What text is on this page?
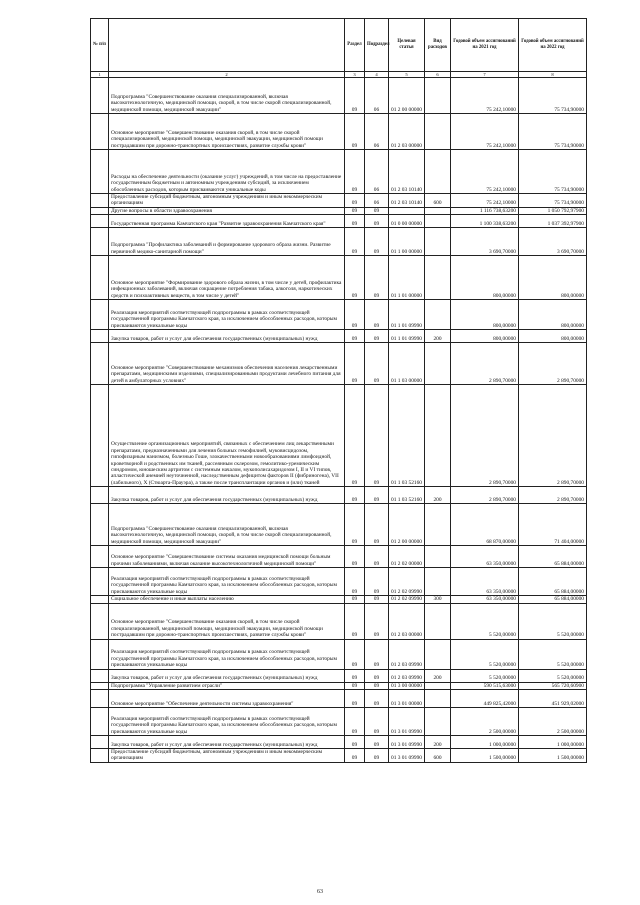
№ п/п		Раздел	Подраздел	Целевая статья	Вид расходов	Годовой объем ассигнований на 2021 год	Годовой объем ассигнований на 2022 год
1	2	3	4	5	6	7	8
	Подпрограмма "Совершенствование оказания специализированной, включая высокотехнологичную, медицинской помощи, скорой, в том числе скорой специализированной, медицинской помощи, медицинской эвакуации"	09	06	01 2 00 00000		75 242,10000	75 734,90000
	Основное мероприятие "Совершенствование оказания скорой, в том числе скорой специализированной, медицинской помощи, медицинской эвакуации, медицинской помощи пострадавшим при дорожно-транспортных происшествиях, развитие службы крови"	09	06	01 2 03 00000		75 242,10000	75 734,90000
	Расходы на обеспечение деятельности (оказание услуг) учреждений, в том числе на предоставление государственным бюджетным и автономным учреждениям субсидий, за исключением обособленных расходов, которым присваиваются уникальные коды	09	06	01 2 03 10140		75 242,10000	75 734,90000
	Предоставление субсидий бюджетным, автономным учреждениям и иным некоммерческим организациям	09	06	01 2 03 10140	600	75 242,10000	75 734,90000
	Другие вопросы в области здравоохранения	09	09			1 116 738,63200	1 050 792,97900
	Государственная программа Камчатского края "Развитие здравоохранения Камчатского края"	09	09	01 0 00 00000		1 100 338,63200	1 037 392,97900
	Подпрограмма "Профилактика заболеваний и формирование здорового образа жизни. Развитие первичной медико-санитарной помощи"	09	09	01 1 00 00000		3 690,70000	3 690,70000
	Основное мероприятие "Формирование здорового образа жизни, в том числе у детей, профилактика инфекционных заболеваний, включая сокращение потребления табака, алкоголя, наркотических средств и психоактивных веществ, в том числе у детей"	09	09	01 1 01 00000		800,00000	800,00000
	Реализация мероприятий соответствующей подпрограммы в рамках соответствующей государственной программы Камчатского края, за исключением обособленных расходов, которым присваиваются уникальные коды	09	09	01 1 01 09990		800,00000	800,00000
	Закупка товаров, работ и услуг для обеспечения государственных (муниципальных) нужд	09	09	01 1 01 09990	200	800,00000	800,00000
	Основное мероприятие "Совершенствование механизмов обеспечения населения лекарственными препаратами, медицинскими изделиями, специализированными продуктами лечебного питания для детей в амбулаторных условиях"	09	09	01 1 03 00000		2 890,70000	2 890,70000
	Осуществление организационных мероприятий, связанных с обеспечением лиц лекарственными препаратами, предназначенными для лечения больных гемофилией, муковисцидозом, гипофизарным нанизмом, болезнью Гоше, злокачественными новообразованиями лимфоидной, кроветворной и родственных им тканей, рассеянным склерозом, гемолитико-уремическим синдромом, юношеским артритом с системным началом, мукополисахаридозом I, II и VI типов, апластической анемией неуточненной, наследственным дефицитом факторов II (фибриногена), VII (лабильного), X (Стюарта-Прауэра), а также после трансплантации органов и (или) тканей	09	09	01 1 03 52160		2 890,70000	2 890,70000
	Закупка товаров, работ и услуг для обеспечения государственных (муниципальных) нужд	09	09	01 1 03 52160	200	2 890,70000	2 890,70000
	Подпрограмма "Совершенствование оказания специализированной, включая высокотехнологичную, медицинской помощи, скорой, в том числе скорой специализированной, медицинской помощи, медицинской эвакуации"	09	09	01 2 00 00000		68 870,00000	71 404,00000
	Основное мероприятие "Совершенствование системы оказания медицинской помощи больным прочими заболеваниями, включая оказание высокотехнологичной медицинской помощи"	09	09	01 2 02 00000		63 350,00000	65 884,00000
	Реализация мероприятий соответствующей подпрограммы в рамках соответствующей государственной программы Камчатского края, за исключением обособленных расходов, которым присваиваются уникальные коды	09	09	01 2 02 09990		63 350,00000	65 884,00000
	Социальное обеспечение и иные выплаты населению	09	09	01 2 02 09990	300	63 350,00000	65 884,00000
	Основное мероприятие "Совершенствование оказания скорой, в том числе скорой специализированной, медицинской помощи, медицинской эвакуации, медицинской помощи пострадавшим при дорожно-транспортных происшествиях, развитие службы крови"	09	09	01 2 03 00000		5 520,00000	5 520,00000
	Реализация мероприятий соответствующей подпрограммы в рамках соответствующей государственной программы Камчатского края, за исключением обособленных расходов, которым присваиваются уникальные коды	09	09	01 2 03 09990		5 520,00000	5 520,00000
	Закупка товаров, работ и услуг для обеспечения государственных (муниципальных) нужд	09	09	01 2 03 09990	200	5 520,00000	5 520,00000
	Подпрограмма "Управление развитием отрасли"	09	09	01 3 00 00000		590 515,63000	565 720,60900
	Основное мероприятие "Обеспечение деятельности системы здравоохранения"	09	09	01 3 01 00000		449 825,42000	451 929,02000
	Реализация мероприятий соответствующей подпрограммы в рамках соответствующей государственной программы Камчатского края, за исключением обособленных расходов, которым присваиваются уникальные коды	09	09	01 3 01 09990		2 500,00000	2 500,00000
	Закупка товаров, работ и услуг для обеспечения государственных (муниципальных) нужд	09	09	01 3 01 09990	200	1 000,00000	1 000,00000
	Предоставление субсидий бюджетным, автономным учреждениям и иным некоммерческим организациям	09	09	01 3 01 09990	600	1 500,00000	1 500,00000
63
